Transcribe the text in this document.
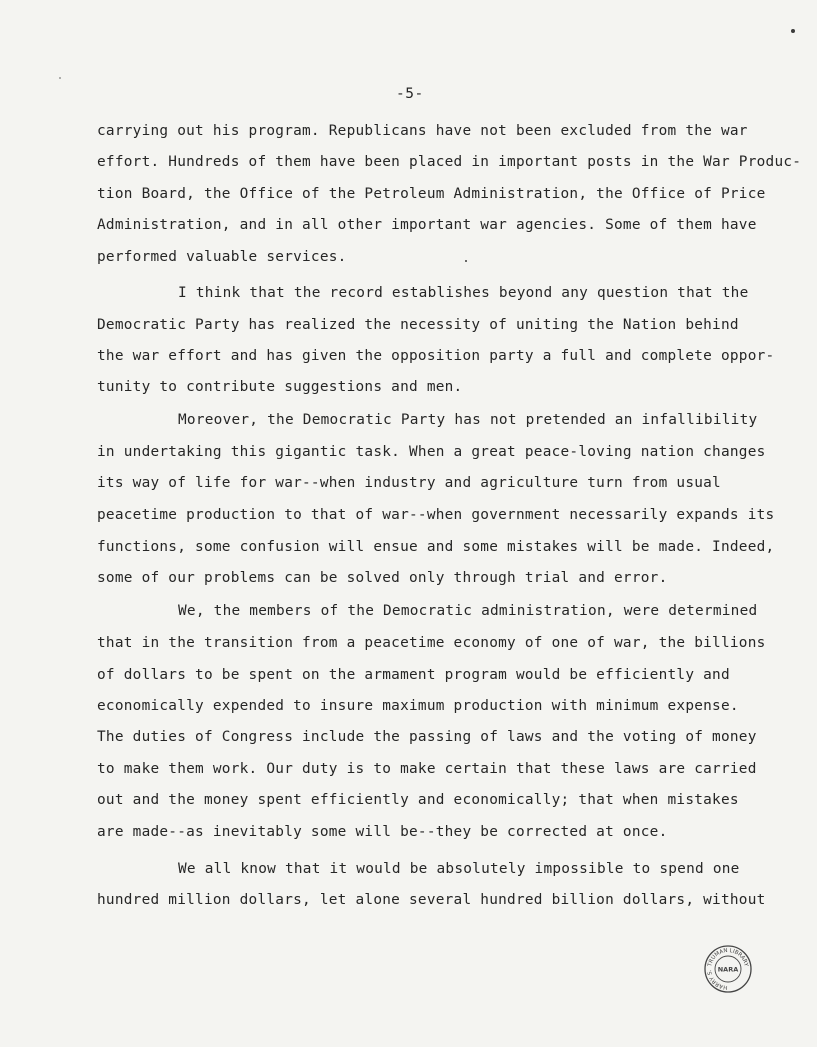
-5-
carrying out his program. Republicans have not been excluded from the war
effort. Hundreds of them have been placed in important posts in the War Produc-
tion Board, the Office of the Petroleum Administration, the Office of Price
Administration, and in all other important war agencies. Some of them have
performed valuable services.
I think that the record establishes beyond any question that the
Democratic Party has realized the necessity of uniting the Nation behind
the war effort and has given the opposition party a full and complete oppor-
tunity to contribute suggestions and men.
Moreover, the Democratic Party has not pretended an infallibility
in undertaking this gigantic task. When a great peace-loving nation changes
its way of life for war--when industry and agriculture turn from usual
peacetime production to that of war--when government necessarily expands its
functions, some confusion will ensue and some mistakes will be made. Indeed,
some of our problems can be solved only through trial and error.
We, the members of the Democratic administration, were determined
that in the transition from a peacetime economy of one of war, the billions
of dollars to be spent on the armament program would be efficiently and
economically expended to insure maximum production with minimum expense.
The duties of Congress include the passing of laws and the voting of money
to make them work. Our duty is to make certain that these laws are carried
out and the money spent efficiently and economically; that when mistakes
are made--as inevitably some will be--they be corrected at once.
We all know that it would be absolutely impossible to spend one
hundred million dollars, let alone several hundred billion dollars, without
TRUMAN LIBRARY
HARRY S. NARA
